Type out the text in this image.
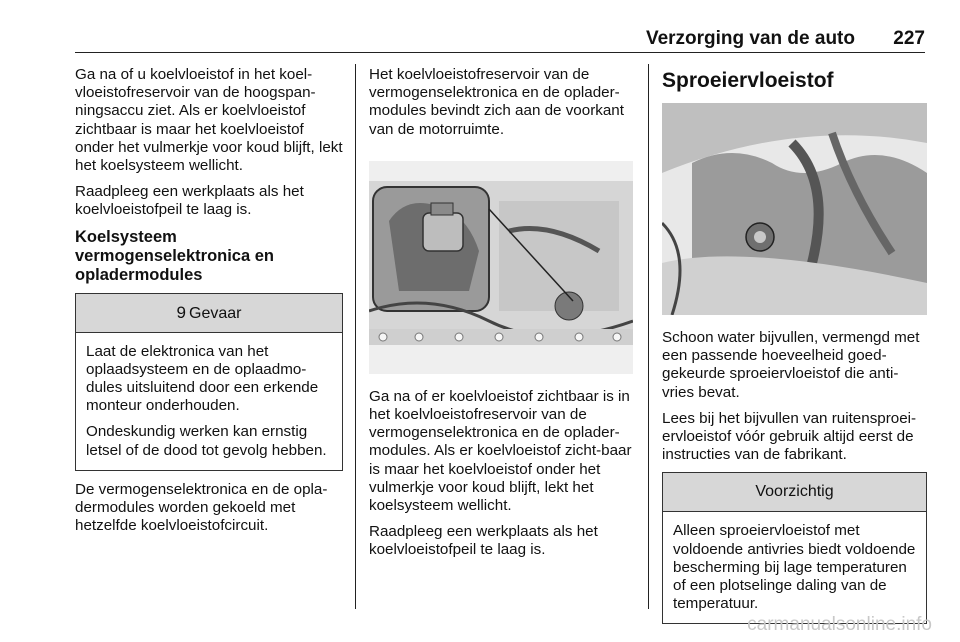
Verzorging van de auto 227

Ga na of u koelvloeistof in het koel-vloeistofreservoir van de hoogspan-ningsaccu ziet. Als er koelvloeistof zichtbaar is maar het koelvloeistof onder het vulmerkje voor koud blijft, lekt het koelsysteem wellicht.

Raadpleeg een werkplaats als het koelvloeistofpeil te laag is.

Koelsysteem vermogenselektronica en opladermodules
9 Gevaar

Laat de elektronica van het oplaadsysteem en de oplaadmo-dules uitsluitend door een erkende monteur onderhouden.

Ondeskundig werken kan ernstig letsel of de dood tot gevolg hebben.

De vermogenselektronica en de opla-dermodules worden gekoeld met hetzelfde koelvloeistofcircuit.

Het koelvloeistofreservoir van de vermogenselektronica en de oplader-modules bevindt zich aan de voorkant van de motorruimte.

Ga na of er koelvloeistof zichtbaar is in het koelvloeistofreservoir van de vermogenselektronica en de oplader-modules. Als er koelvloeistof zicht-baar is maar het koelvloeistof onder het vulmerkje voor koud blijft, lekt het koelsysteem wellicht.

Raadpleeg een werkplaats als het koelvloeistofpeil te laag is.

Sproeiervloeistof

Schoon water bijvullen, vermengd met een passende hoeveelheid goed-gekeurde sproeiervloeistof die anti-vries bevat.

Lees bij het bijvullen van ruitensproei-ervloeistof vóór gebruik altijd eerst de instructies van de fabrikant.

Voorzichtig

Alleen sproeiervloeistof met voldoende antivries biedt voldoende bescherming bij lage temperaturen of een plotselinge daling van de temperatuur.

carmanualsonline.info
